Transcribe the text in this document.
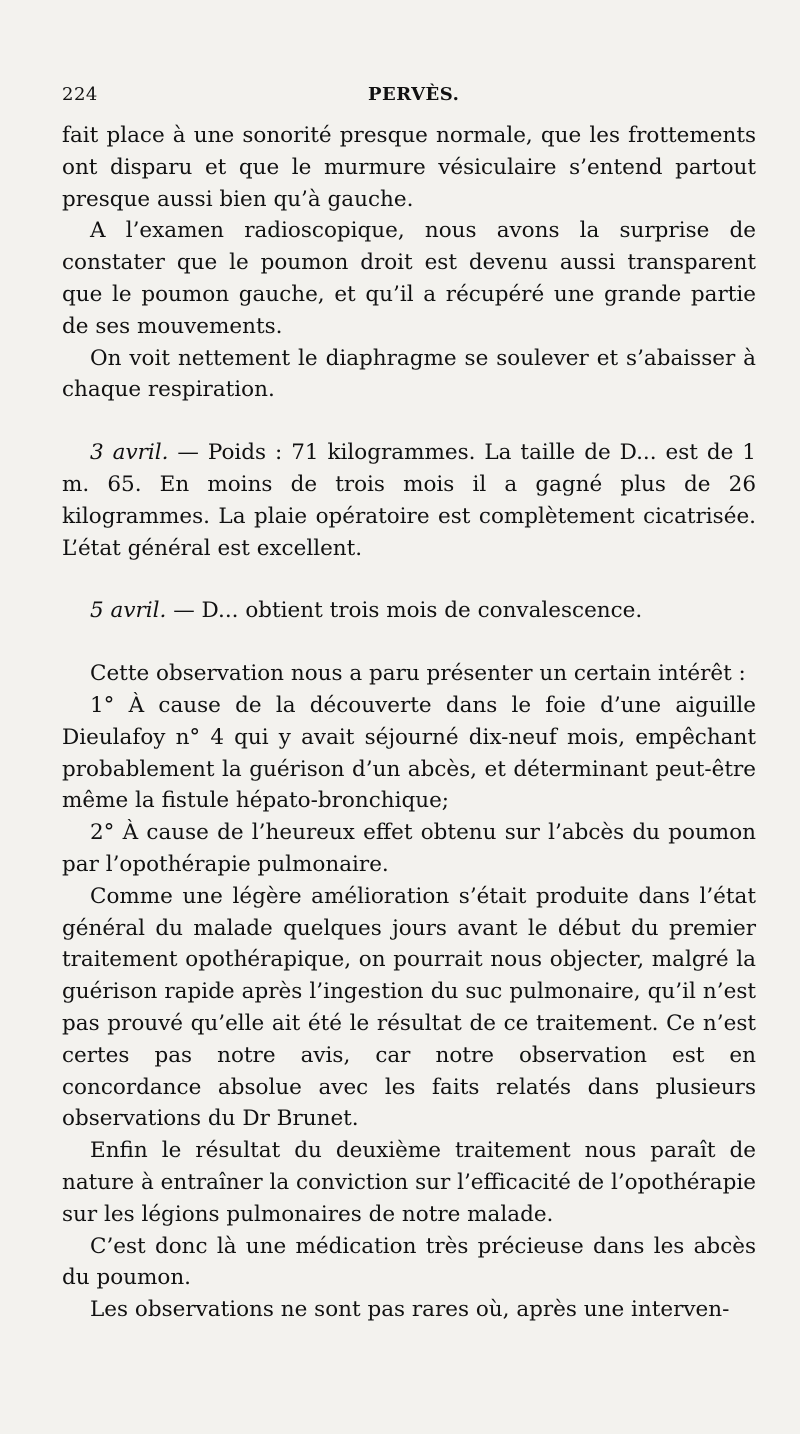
224	PERVÈS.

fait place à une sonorité presque normale, que les frottements ont disparu et que le murmure vésiculaire s’entend partout presque aussi bien qu’à gauche.

A l’examen radioscopique, nous avons la surprise de constater que le poumon droit est devenu aussi transparent que le poumon gauche, et qu’il a récupéré une grande partie de ses mouvements.

On voit nettement le diaphragme se soulever et s’abaisser à chaque respiration.

3 avril. — Poids : 71 kilogrammes. La taille de D... est de 1 m. 65. En moins de trois mois il a gagné plus de 26 kilogrammes. La plaie opératoire est complètement cicatrisée. L’état général est excellent.

5 avril. — D... obtient trois mois de convalescence.

Cette observation nous a paru présenter un certain intérêt :

1° À cause de la découverte dans le foie d’une aiguille Dieulafoy n° 4 qui y avait séjourné dix-neuf mois, empêchant probablement la guérison d’un abcès, et déterminant peut-être même la fistule hépato-bronchique;

2° À cause de l’heureux effet obtenu sur l’abcès du poumon par l’opothérapie pulmonaire.

Comme une légère amélioration s’était produite dans l’état général du malade quelques jours avant le début du premier traitement opothérapique, on pourrait nous objecter, malgré la guérison rapide après l’ingestion du suc pulmonaire, qu’il n’est pas prouvé qu’elle ait été le résultat de ce traitement. Ce n’est certes pas notre avis, car notre observation est en concordance absolue avec les faits relatés dans plusieurs observations du Dr Brunet.

Enfin le résultat du deuxième traitement nous paraît de nature à entraîner la conviction sur l’efficacité de l’opothérapie sur les légions pulmonaires de notre malade.

C’est donc là une médication très précieuse dans les abcès du poumon.

Les observations ne sont pas rares où, après une interven-
